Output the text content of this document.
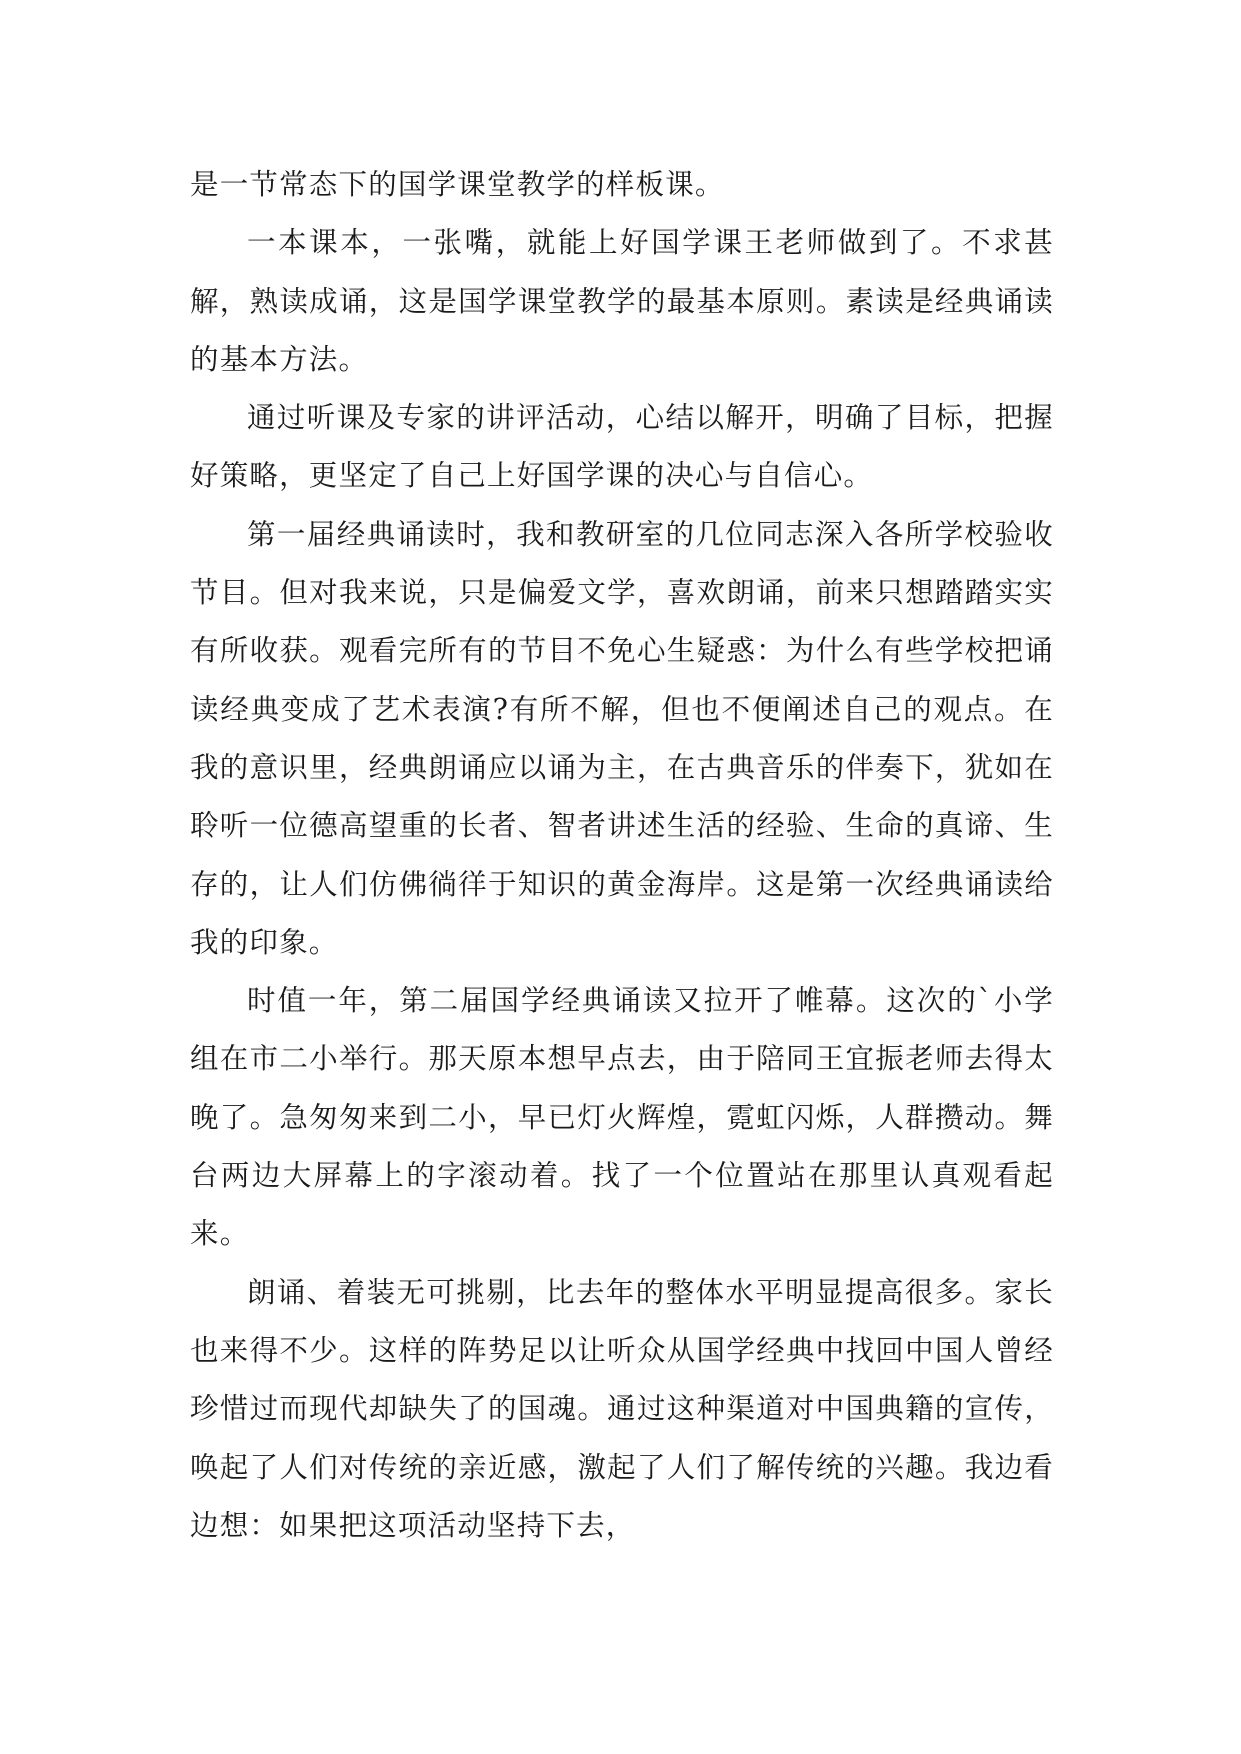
是一节常态下的国学课堂教学的样板课。

一本课本，一张嘴，就能上好国学课王老师做到了。不求甚解，熟读成诵，这是国学课堂教学的最基本原则。素读是经典诵读的基本方法。

通过听课及专家的讲评活动，心结以解开，明确了目标，把握好策略，更坚定了自己上好国学课的决心与自信心。

第一届经典诵读时，我和教研室的几位同志深入各所学校验收节目。但对我来说，只是偏爱文学，喜欢朗诵，前来只想踏踏实实有所收获。观看完所有的节目不免心生疑惑：为什么有些学校把诵读经典变成了艺术表演?有所不解，但也不便阐述自己的观点。在我的意识里，经典朗诵应以诵为主，在古典音乐的伴奏下，犹如在聆听一位德高望重的长者、智者讲述生活的经验、生命的真谛、生存的，让人们仿佛徜徉于知识的黄金海岸。这是第一次经典诵读给我的印象。

时值一年，第二届国学经典诵读又拉开了帷幕。这次的`小学组在市二小举行。那天原本想早点去，由于陪同王宜振老师去得太晚了。急匆匆来到二小，早已灯火辉煌，霓虹闪烁，人群攒动。舞台两边大屏幕上的字滚动着。找了一个位置站在那里认真观看起来。

朗诵、着装无可挑剔，比去年的整体水平明显提高很多。家长也来得不少。这样的阵势足以让听众从国学经典中找回中国人曾经珍惜过而现代却缺失了的国魂。通过这种渠道对中国典籍的宣传，唤起了人们对传统的亲近感，激起了人们了解传统的兴趣。我边看边想：如果把这项活动坚持下去，
